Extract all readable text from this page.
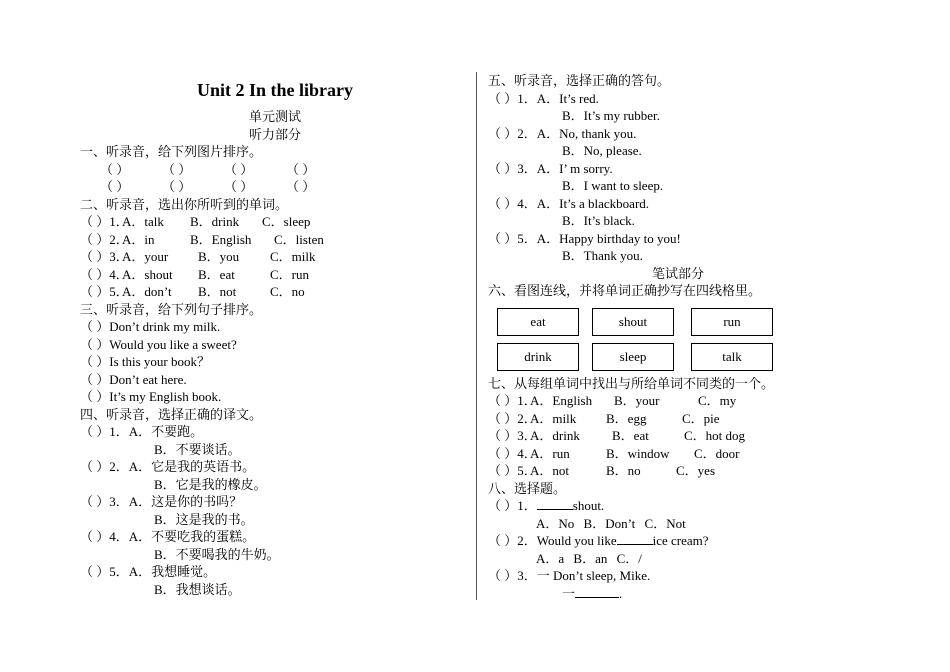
Unit 2 In the library
单元测试
听力部分
一、听录音，给下列图片排序。
（ ）	（ ）	（ ）	（ ）
（ ）	（ ）	（ ）	（ ）
二、听录音，选出你所听到的单词。
（ ）1．A．talk B．drink C．sleep
（ ）2．A．in	B．English C．listen
（ ）3．A．your B．you C．milk
（ ）4．A．shout B．eat	C．run
（ ）5．A．don’t B．not	C．no
三、听录音，给下列句子排序。
（ ）Don’t drink my milk.
（ ）Would you like a sweet?
（ ）Is this your book？
（ ）Don’t eat here.
（ ）It’s my English book.
四、听录音，选择正确的译文。
（ ）1．A．不要跑。
B．不要谈话。
（ ）2．A．它是我的英语书。
B．它是我的橡皮。
（ ）3．A．这是你的书吗？
B．这是我的书。
（ ）4．A．不要吃我的蛋糕。
B．不要喝我的牛奶。
（ ）5．A．我想睡觉。
B．我想谈话。
五、听录音，选择正确的答句。
（ ）1．A．It’s red.
B．It’s my rubber.
（ ）2．A．No, thank you.
B．No, please.
（ ）3．A．I’ m sorry.
B．I want to sleep.
（ ）4．A．It’s a blackboard.
B．It’s black.
（ ）5．A．Happy birthday to you!
B．Thank you.
笔试部分
六、看图连线，并将单词正确抄写在四线格里。
eat	shout	run
drink	sleep	talk
七、从每组单词中找出与所给单词不同类的一个。
（ ）1．A．English B．your	C．my
（ ）2．A．milk B．egg	C．pie
（ ）3．A．drink B．eat	C．hot dog
（ ）4．A．run	B．window C．door
（ ）5．A．not	B．no	C．yes
八、选择题。
（ ）1．	shout.
A．No B．Don’t C．Not
（ ）2．Would you like	ice cream?
A．a B．an C．/
（ ）3．一 Don’t sleep, Mike.
一	.
